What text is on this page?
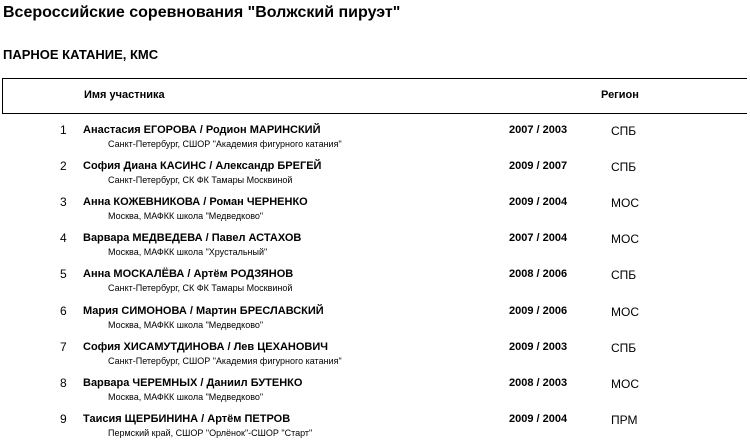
Всероссийские соревнования "Волжский пируэт"
ПАРНОЕ КАТАНИЕ, КМС
Имя участника	Регион
1 Анастасия ЕГОРОВА / Родион МАРИНСКИЙ
Санкт-Петербург, СШОР "Академия фигурного катания"
2007 / 2003	СПБ
2 София Диана КАСИНС / Александр БРЕГЕЙ
Санкт-Петербург, СК ФК Тамары Москвиной
2009 / 2007	СПБ
3 Анна КОЖЕВНИКОВА / Роман ЧЕРНЕНКО
Москва, МАФКК школа "Медведково"
2009 / 2004	МОС
4 Варвара МЕДВЕДЕВА / Павел АСТАХОВ
Москва, МАФКК школа "Хрустальный"
2007 / 2004	МОС
5 Анна МОСКАЛЁВА / Артём РОДЗЯНОВ
Санкт-Петербург, СК ФК Тамары Москвиной
2008 / 2006	СПБ
6 Мария СИМОНОВА / Мартин БРЕСЛАВСКИЙ
Москва, МАФКК школа "Медведково"
2009 / 2006	МОС
7 София ХИСАМУТДИНОВА / Лев ЦЕХАНОВИЧ
Санкт-Петербург, СШОР "Академия фигурного катания"
2009 / 2003	СПБ
8 Варвара ЧЕРЕМНЫХ / Даниил БУТЕНКО
Москва, МАФКК школа "Медведково"
2008 / 2003	МОС
9 Таисия ЩЕРБИНИНА / Артём ПЕТРОВ
Пермский край, СШОР "Орлёнок"-СШОР "Старт"
2009 / 2004	ПРМ
